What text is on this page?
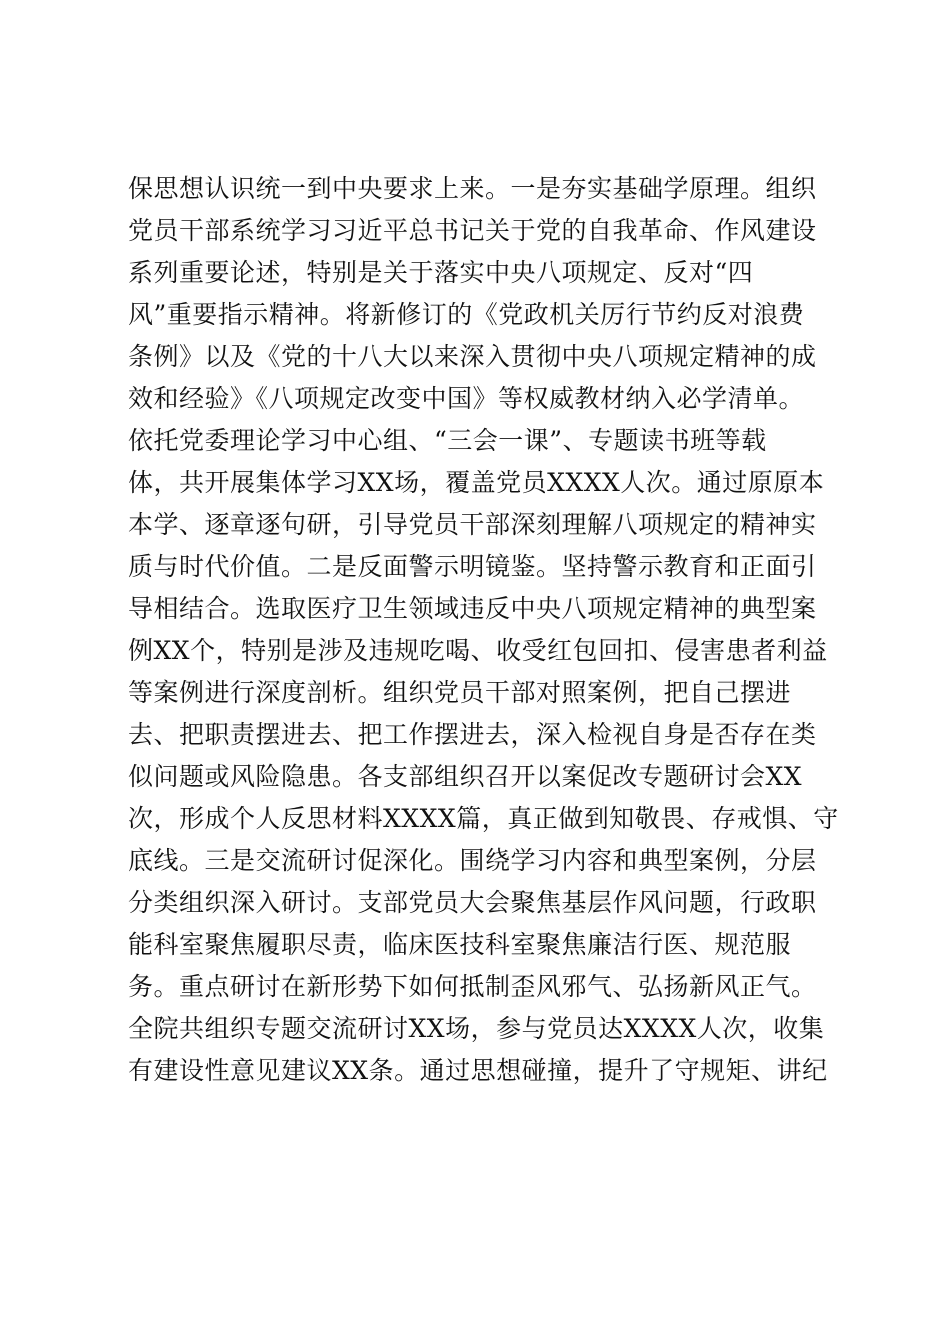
保思想认识统一到中央要求上来。一是夯实基础学原理。组织
党员干部系统学习习近平总书记关于党的自我革命、作风建设
系列重要论述，特别是关于落实中央八项规定、反对“四
风”重要指示精神。将新修订的《党政机关厉行节约反对浪费
条例》以及《党的十八大以来深入贯彻中央八项规定精神的成
效和经验》《八项规定改变中国》等权威教材纳入必学清单。
依托党委理论学习中心组、“三会一课”、专题读书班等载
体，共开展集体学习XX场，覆盖党员XXXX人次。通过原原本
本学、逐章逐句研，引导党员干部深刻理解八项规定的精神实
质与时代价值。二是反面警示明镜鉴。坚持警示教育和正面引
导相结合。选取医疗卫生领域违反中央八项规定精神的典型案
例XX个，特别是涉及违规吃喝、收受红包回扣、侵害患者利益
等案例进行深度剖析。组织党员干部对照案例，把自己摆进
去、把职责摆进去、把工作摆进去，深入检视自身是否存在类
似问题或风险隐患。各支部组织召开以案促改专题研讨会XX
次，形成个人反思材料XXXX篇，真正做到知敬畏、存戒惧、守
底线。三是交流研讨促深化。围绕学习内容和典型案例，分层
分类组织深入研讨。支部党员大会聚焦基层作风问题，行政职
能科室聚焦履职尽责，临床医技科室聚焦廉洁行医、规范服
务。重点研讨在新形势下如何抵制歪风邪气、弘扬新风正气。
全院共组织专题交流研讨XX场，参与党员达XXXX人次，收集
有建设性意见建议XX条。通过思想碰撞，提升了守规矩、讲纪
